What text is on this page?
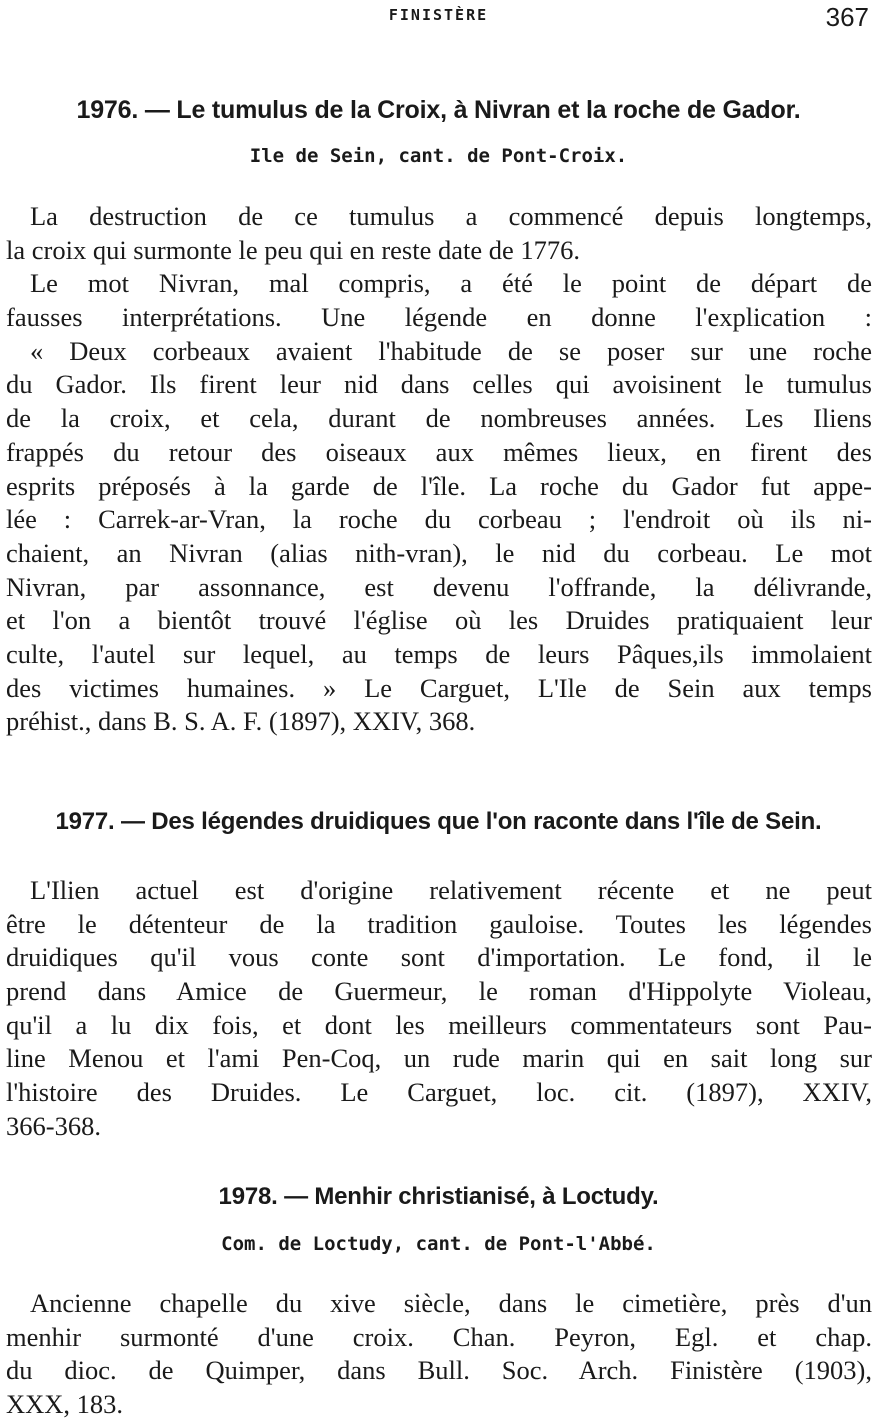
FINISTÈRE	367
1976. — Le tumulus de la Croix, à Nivran et la roche de Gador.
Ile de Sein, cant. de Pont-Croix.
La destruction de ce tumulus a commencé depuis longtemps,
la croix qui surmonte le peu qui en reste date de 1776.
Le mot Nivran, mal compris, a été le point de départ de
fausses interprétations. Une légende en donne l'explication :
« Deux corbeaux avaient l'habitude de se poser sur une roche
du Gador. Ils firent leur nid dans celles qui avoisinent le tumulus
de la croix, et cela, durant de nombreuses années. Les Iliens
frappés du retour des oiseaux aux mêmes lieux, en firent des
esprits préposés à la garde de l'île. La roche du Gador fut appe-
lée : Carrek-ar-Vran, la roche du corbeau ; l'endroit où ils ni-
chaient, an Nivran (alias nith-vran), le nid du corbeau. Le mot
Nivran, par assonnance, est devenu l'offrande, la délivrande,
et l'on a bientôt trouvé l'église où les Druides pratiquaient leur
culte, l'autel sur lequel, au temps de leurs Pâques,ils immolaient
des victimes humaines. » Le Carguet, L'Ile de Sein aux temps
préhist., dans B. S. A. F. (1897), XXIV, 368.
1977. — Des légendes druidiques que l'on raconte dans l'île de Sein.
L'Ilien actuel est d'origine relativement récente et ne peut
être le détenteur de la tradition gauloise. Toutes les légendes
druidiques qu'il vous conte sont d'importation. Le fond, il le
prend dans Amice de Guermeur, le roman d'Hippolyte Violeau,
qu'il a lu dix fois, et dont les meilleurs commentateurs sont Pau-
line Menou et l'ami Pen-Coq, un rude marin qui en sait long sur
l'histoire des Druides. Le Carguet, loc. cit. (1897), XXIV,
366-368.
1978. — Menhir christianisé, à Loctudy.
Com. de Loctudy, cant. de Pont-l'Abbé.
Ancienne chapelle du xive siècle, dans le cimetière, près d'un
menhir surmonté d'une croix. Chan. Peyron, Egl. et chap.
du dioc. de Quimper, dans Bull. Soc. Arch. Finistère (1903),
XXX, 183.
